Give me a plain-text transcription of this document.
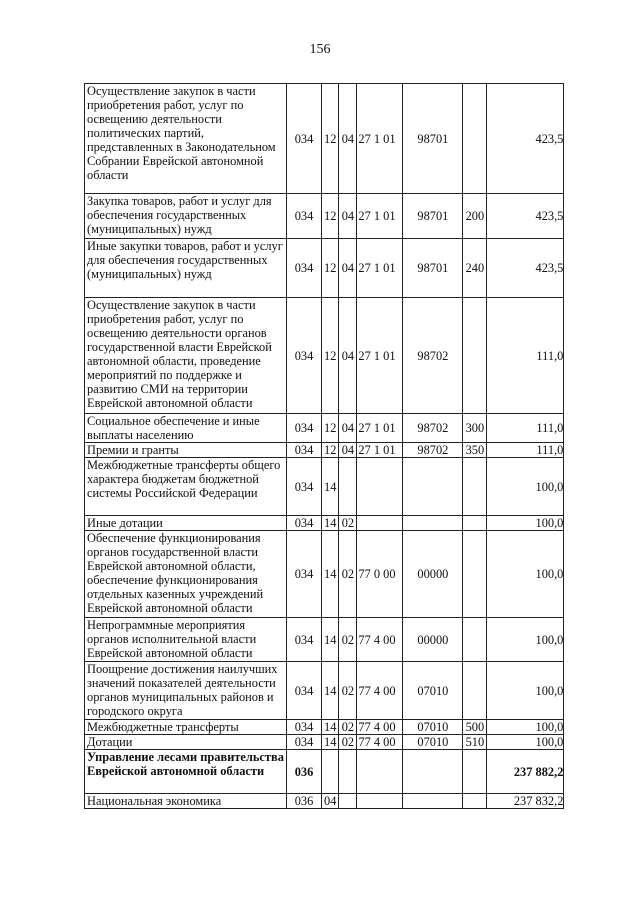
156
Осуществление закупок в части приобретения работ, услуг по освещению деятельности политических партий, представленных в Законодательном Собрании Еврейской автономной области	034	12	04	27 1 01	98701		423,5
Закупка товаров, работ и услуг для обеспечения государственных (муниципальных) нужд	034	12	04	27 1 01	98701	200	423,5
Иные закупки товаров, работ и услуг для обеспечения государственных (муниципальных) нужд	034	12	04	27 1 01	98701	240	423,5
Осуществление закупок в части приобретения работ, услуг по освещению деятельности органов государственной власти Еврейской автономной области, проведение мероприятий по поддержке и развитию СМИ на территории Еврейской автономной области	034	12	04	27 1 01	98702		111,0
Социальное обеспечение и иные выплаты населению	034	12	04	27 1 01	98702	300	111,0
Премии и гранты	034	12	04	27 1 01	98702	350	111,0
Межбюджетные трансферты общего характера бюджетам бюджетной системы Российской Федерации	034	14					100,0
Иные дотации	034	14	02				100,0
Обеспечение функционирования органов государственной власти Еврейской автономной области, обеспечение функционирования отдельных казенных учреждений Еврейской автономной области	034	14	02	77 0 00	00000		100,0
Непрограммные мероприятия органов исполнительной власти Еврейской автономной области	034	14	02	77 4 00	00000		100,0
Поощрение достижения наилучших значений показателей деятельности органов муниципальных районов и городского округа	034	14	02	77 4 00	07010		100,0
Межбюджетные трансферты	034	14	02	77 4 00	07010	500	100,0
Дотации	034	14	02	77 4 00	07010	510	100,0
Управление лесами правительства Еврейской автономной области	036						237 882,2
Национальная экономика	036	04					237 832,2
